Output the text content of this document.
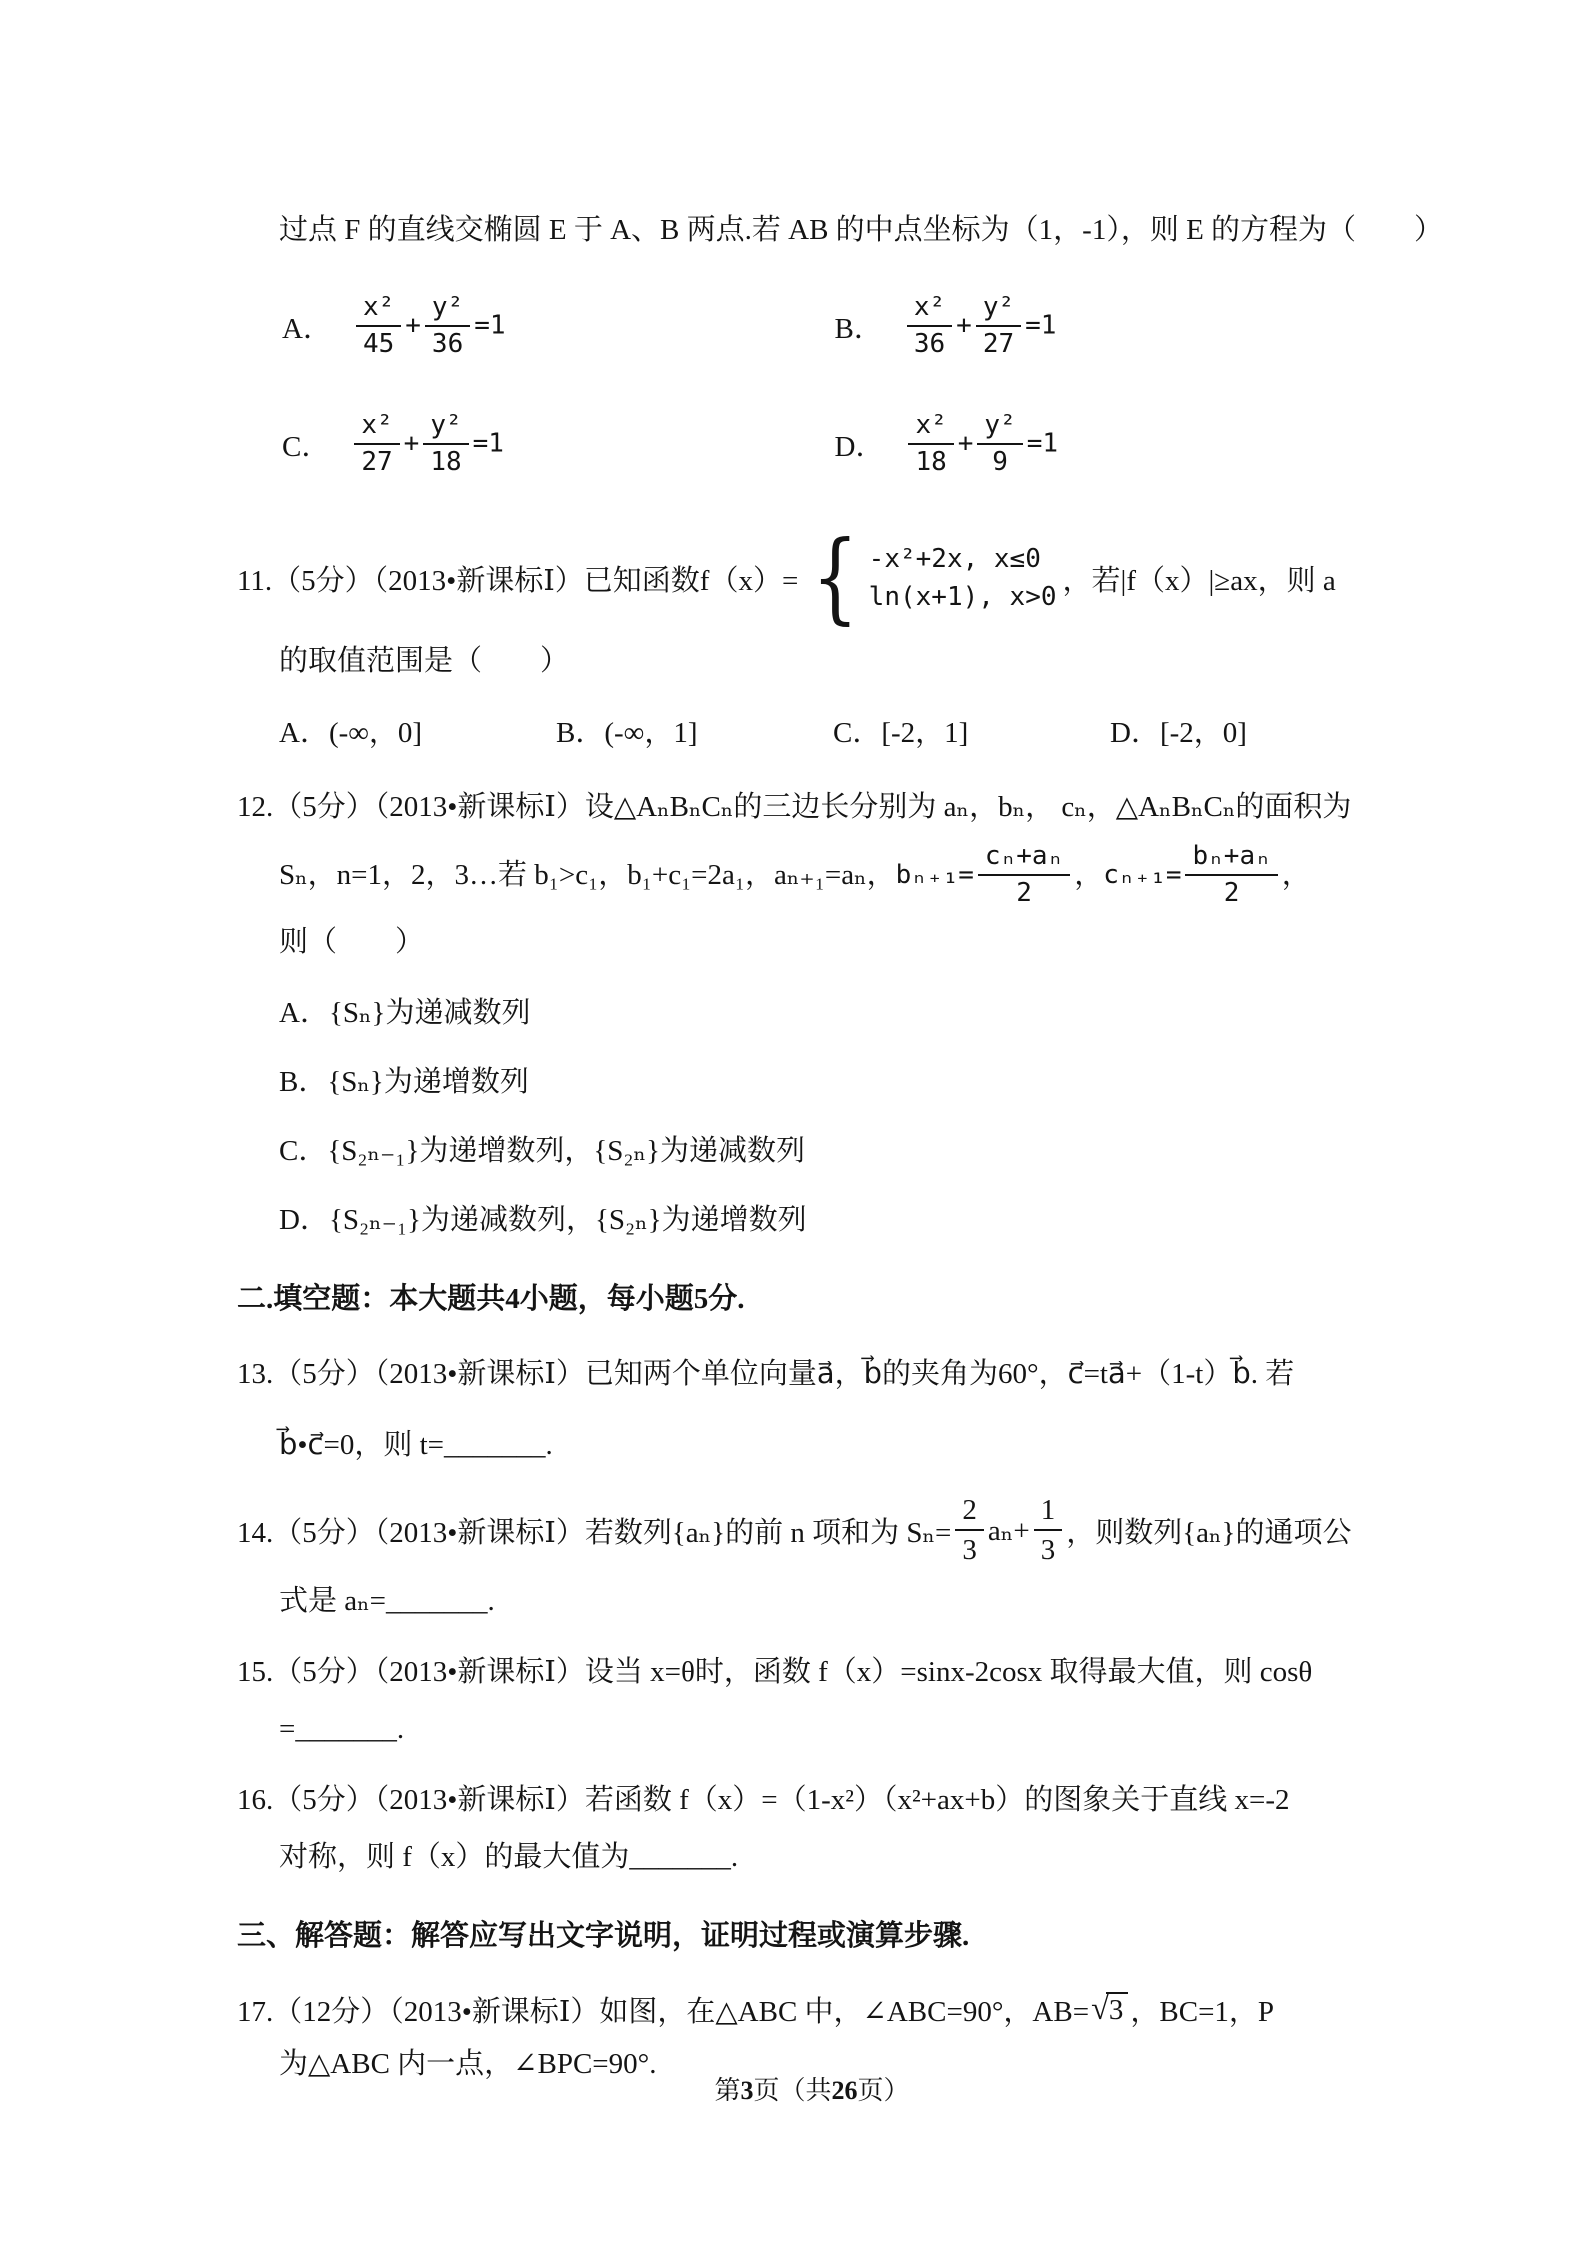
过点 F 的直线交椭圆 E 于 A、B 两点.若 AB 的中点坐标为（1，-1），则 E 的方程为（　　）
A． $\frac{\text{x²}}{45} + \frac{\text{y²}}{36} =1$	B． $\frac{\text{x²}}{36} + \frac{\text{y²}}{27} =1$
C． $\frac{\text{x²}}{27} + \frac{\text{y²}}{18} =1$	D． $\frac{\text{x²}}{18} + \frac{\text{y²}}{9} =1$
11.（5分）（2013•新课标Ⅰ）已知函数 f（x）= { -x²+2x, x≤0
ln(x+1), x>0
，若|f（x）|≥ax，则 a
的取值范围是（　　）
A．(-∞，0]	B．(-∞，1]	C．[-2，1]	D．[-2，0]
12.（5分）（2013•新课标Ⅰ）设△AₙBₙCₙ的三边长分别为 aₙ，bₙ， cₙ，△AₙBₙCₙ的面积为
Sₙ，n=1，2，3…若 b₁>c₁，b₁+c₁=2a₁，aₙ₊₁=aₙ， $b_{n+1}= \frac{\text{cₙ+aₙ}}{2}$ ， $c_{n+1}= \frac{\text{bₙ+aₙ}}{2}$ ，
则（　　）
A．{Sₙ}为递减数列
B．{Sₙ}为递增数列
C．{S₂ₙ₋₁}为递增数列，{S₂ₙ}为递减数列
D．{S₂ₙ₋₁}为递减数列，{S₂ₙ}为递增数列
二.填空题：本大题共4小题，每小题5分.
13.（5分）（2013•新课标Ⅰ）已知两个单位向量a⃗，b⃗的夹角为60°，c⃗=ta⃗+（1-t）b⃗. 若
b⃗•c⃗=0，则 t=_______.
14.（5分）（2013•新课标Ⅰ）若数列{aₙ}的前 n 项和为 $S_n= \frac{2}{3} a_n+ \frac{1}{3}$ ，则数列{aₙ}的通项公
式是 aₙ=_______.
15.（5分）（2013•新课标Ⅰ）设当 x=θ时，函数 f（x）=sinx-2cosx 取得最大值，则 cosθ
=_______.
16.（5分）（2013•新课标Ⅰ）若函数 f（x）=（1-x²）（x²+ax+b）的图象关于直线 x=-2
对称，则 f（x）的最大值为_______.
三、解答题：解答应写出文字说明，证明过程或演算步骤.
17.（12分）（2013•新课标Ⅰ）如图，在△ABC 中，∠ABC=90°，AB= √3 ，BC=1，P
为△ABC 内一点，∠BPC=90°.
第3页（共26页）
